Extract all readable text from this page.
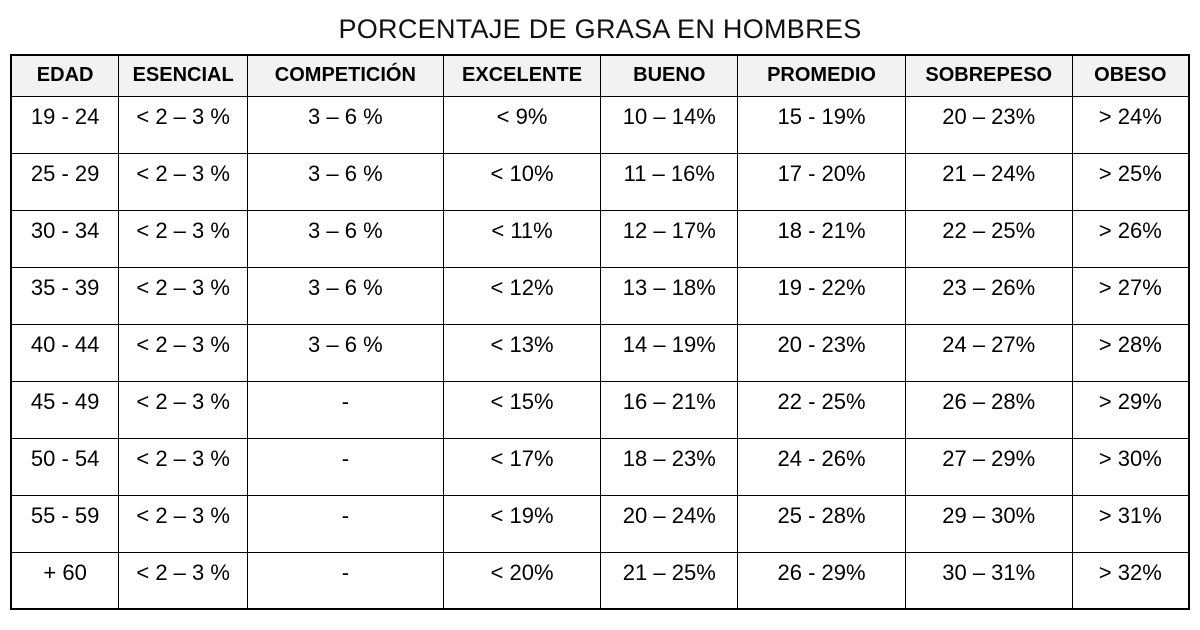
PORCENTAJE DE GRASA EN HOMBRES
EDAD	ESENCIAL	COMPETICIÓN	EXCELENTE	BUENO	PROMEDIO	SOBREPESO	OBESO
19 - 24	< 2 – 3 %	3 – 6 %	< 9%	10 – 14%	15 - 19%	20 – 23%	> 24%
25 - 29	< 2 – 3 %	3 – 6 %	< 10%	11 – 16%	17 - 20%	21 – 24%	> 25%
30 - 34	< 2 – 3 %	3 – 6 %	< 11%	12 – 17%	18 - 21%	22 – 25%	> 26%
35 - 39	< 2 – 3 %	3 – 6 %	< 12%	13 – 18%	19 - 22%	23 – 26%	> 27%
40 - 44	< 2 – 3 %	3 – 6 %	< 13%	14 – 19%	20 - 23%	24 – 27%	> 28%
45 - 49	< 2 – 3 %	-	< 15%	16 – 21%	22 - 25%	26 – 28%	> 29%
50 - 54	< 2 – 3 %	-	< 17%	18 – 23%	24 - 26%	27 – 29%	> 30%
55 - 59	< 2 – 3 %	-	< 19%	20 – 24%	25 - 28%	29 – 30%	> 31%
+ 60	< 2 – 3 %	-	< 20%	21 – 25%	26 - 29%	30 – 31%	> 32%
